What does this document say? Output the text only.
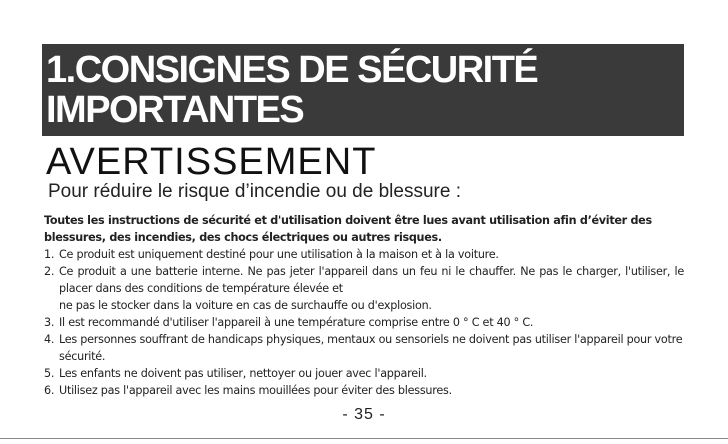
1.CONSIGNES DE SÉCURITÉ
IMPORTANTES
AVERTISSEMENT
Pour réduire le risque d’incendie ou de blessure :
Toutes les instructions de sécurité et d'utilisation doivent être lues avant utilisation afin d’éviter des blessures, des incendies, des chocs électriques ou autres risques.
1. Ce produit est uniquement destiné pour une utilisation à la maison et à la voiture.
2. Ce produit a une batterie interne. Ne pas jeter l'appareil dans un feu ni le chauffer. Ne pas le charger, l'utiliser, le placer dans des conditions de température élevée et
ne pas le stocker dans la voiture en cas de surchauffe ou d'explosion.
3. Il est recommandé d'utiliser l'appareil à une température comprise entre 0 ° C et 40 ° C.
4. Les personnes souffrant de handicaps physiques, mentaux ou sensoriels ne doivent pas utiliser l'appareil pour votre sécurité.
5. Les enfants ne doivent pas utiliser, nettoyer ou jouer avec l'appareil.
6. Utilisez pas l'appareil avec les mains mouillées pour éviter des blessures.
- 35 -
